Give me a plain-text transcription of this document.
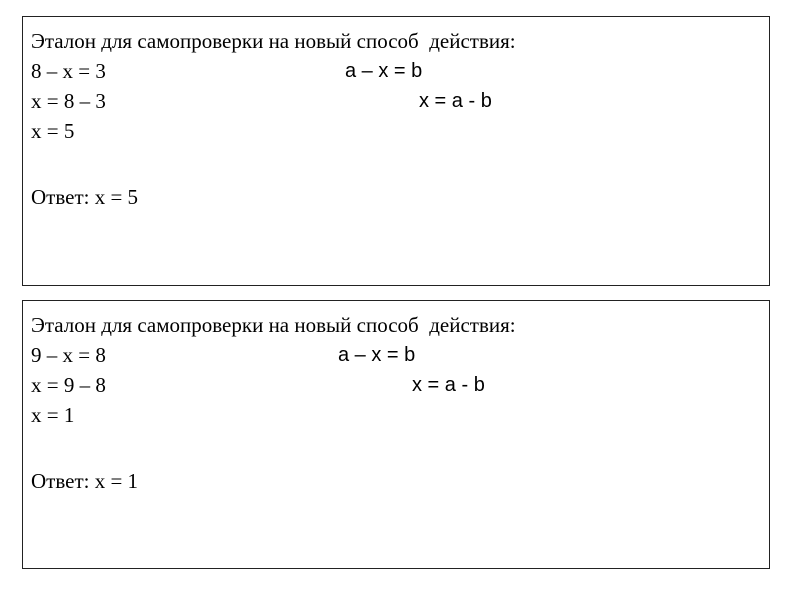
Эталон для самопроверки на новый способ  действия:
8 – х = 3	а – х = b
х = 8 – 3	х = а - b
х = 5
Ответ: х = 5
Эталон для самопроверки на новый способ  действия:
9 – х = 8	а – х = b
х = 9 – 8	х = а - b
х = 1
Ответ: х = 1
